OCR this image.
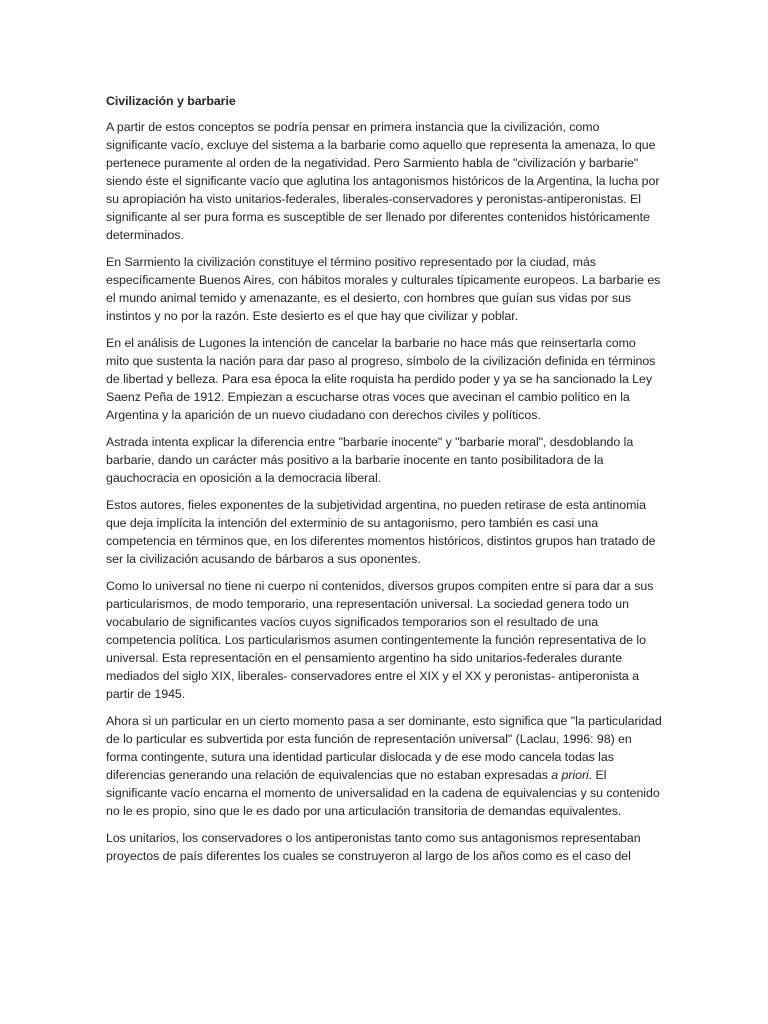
Civilización y barbarie

A partir de estos conceptos se podría pensar en primera instancia que la civilización, como significante vacío, excluye del sistema a la barbarie como aquello que representa la amenaza, lo que pertenece puramente al orden de la negatividad. Pero Sarmiento habla de "civilización y barbarie" siendo éste el significante vacío que aglutina los antagonismos históricos de la Argentina, la lucha por su apropiación ha visto unitarios-federales, liberales-conservadores y peronistas-antiperonistas. El significante al ser pura forma es susceptible de ser llenado por diferentes contenidos históricamente determinados.

En Sarmiento la civilización constituye el término positivo representado por la ciudad, más específicamente Buenos Aires, con hábitos morales y culturales típicamente europeos. La barbarie es el mundo animal temido y amenazante, es el desierto, con hombres que guían sus vidas por sus instintos y no por la razón. Este desierto es el que hay que civilizar y poblar.

En el análisis de Lugones la intención de cancelar la barbarie no hace más que reinsertarla como mito que sustenta la nación para dar paso al progreso, símbolo de la civilización definida en términos de libertad y belleza. Para esa época la elite roquista ha perdido poder y ya se ha sancionado la Ley Saenz Peña de 1912. Empiezan a escucharse otras voces que avecinan el cambio político en la Argentina y la aparición de un nuevo ciudadano con derechos civiles y políticos.

Astrada intenta explicar la diferencia entre "barbarie inocente" y "barbarie moral", desdoblando la barbarie, dando un carácter más positivo a la barbarie inocente en tanto posibilitadora de la gauchocracia en oposición a la democracia liberal.

Estos autores, fieles exponentes de la subjetividad argentina, no pueden retirase de esta antinomia que deja implícita la intención del exterminio de su antagonismo, pero también es casi una competencia en términos que, en los diferentes momentos históricos, distintos grupos han tratado de ser la civilización acusando de bárbaros a sus oponentes.

Como lo universal no tiene ni cuerpo ni contenidos, diversos grupos compiten entre si para dar a sus particularismos, de modo temporario, una representación universal. La sociedad genera todo un vocabulario de significantes vacíos cuyos significados temporarios son el resultado de una competencia política. Los particularismos asumen contingentemente la función representativa de lo universal. Esta representación en el pensamiento argentino ha sido unitarios-federales durante mediados del siglo XIX, liberales- conservadores entre el XIX y el XX y peronistas- antiperonista a partir de 1945.

Ahora si un particular en un cierto momento pasa a ser dominante, esto significa que "la particularidad de lo particular es subvertida por esta función de representación universal" (Laclau, 1996: 98) en forma contingente, sutura una identidad particular dislocada y de ese modo cancela todas las diferencias generando una relación de equivalencias que no estaban expresadas a priori. El significante vacío encarna el momento de universalidad en la cadena de equivalencias y su contenido no le es propio, sino que le es dado por una articulación transitoria de demandas equivalentes.

Los unitarios, los conservadores o los antiperonistas tanto como sus antagonismos representaban proyectos de país diferentes los cuales se construyeron al largo de los años como es el caso del
